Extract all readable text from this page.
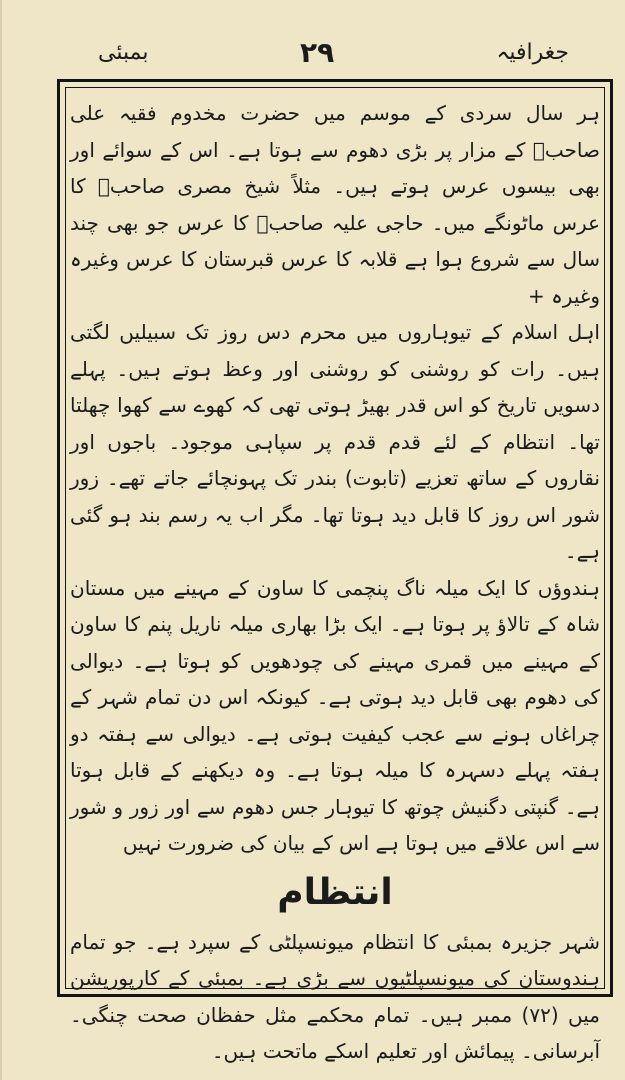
بمبئی	۲۹	جغرافیہ

ہر سال سردی کے موسم میں حضرت مخدوم فقیہ علی صاحبؒ کے مزار پر بڑی دھوم سے ہوتا ہے۔ اس کے سوائے اور بھی بیسوں عرس ہوتے ہیں۔ مثلاً شیخ مصری صاحبؒ کا عرس ماٹونگے میں۔ حاجی علیہ صاحبؒ کا عرس جو بھی چند سال سے شروع ہوا ہے قلابہ کا عرس قبرستان کا عرس وغیرہ وغیرہ +

اہل اسلام کے تیوہاروں میں محرم دس روز تک سبیلیں لگتی ہیں۔ رات کو روشنی کو روشنی اور وعظ ہوتے ہیں۔ پہلے دسویں تاریخ کو اس قدر بھیڑ ہوتی تھی کہ کھوے سے کھوا چھلتا تھا۔ انتظام کے لئے قدم قدم پر سپاہی موجود۔ باجوں اور نقاروں کے ساتھ تعزیے (تابوت) بندر تک پہونچائے جاتے تھے۔ زور شور اس روز کا قابل دید ہوتا تھا۔ مگر اب یہ رسم بند ہو گئی ہے۔

ہندوؤں کا ایک میلہ ناگ پنچمی کا ساون کے مہینے میں مستان شاہ کے تالاؤ پر ہوتا ہے۔ ایک بڑا بھاری میلہ ناریل پنم کا ساون کے مہینے میں قمری مہینے کی چودھویں کو ہوتا ہے۔ دیوالی کی دھوم بھی قابل دید ہوتی ہے۔ کیونکہ اس دن تمام شہر کے چراغاں ہونے سے عجب کیفیت ہوتی ہے۔ دیوالی سے ہفتہ دو ہفتہ پہلے دسہرہ کا میلہ ہوتا ہے۔ وہ دیکھنے کے قابل ہوتا ہے۔ گنپتی دگنیش چوتھ کا تیوہار جس دھوم سے اور زور و شور سے اس علاقے میں ہوتا ہے اس کے بیان کی ضرورت نہیں

انتظام

شہر جزیرہ بمبئی کا انتظام میونسپلٹی کے سپرد ہے۔ جو تمام ہندوستان کی میونسپلٹیوں سے بڑی ہے۔ بمبئی کے کارپوریشن میں (۷۲) ممبر ہیں۔ تمام محکمے مثل حفظان صحت چنگی۔ آبرسانی۔ پیمائش اور تعلیم اسکے ماتحت ہیں۔
